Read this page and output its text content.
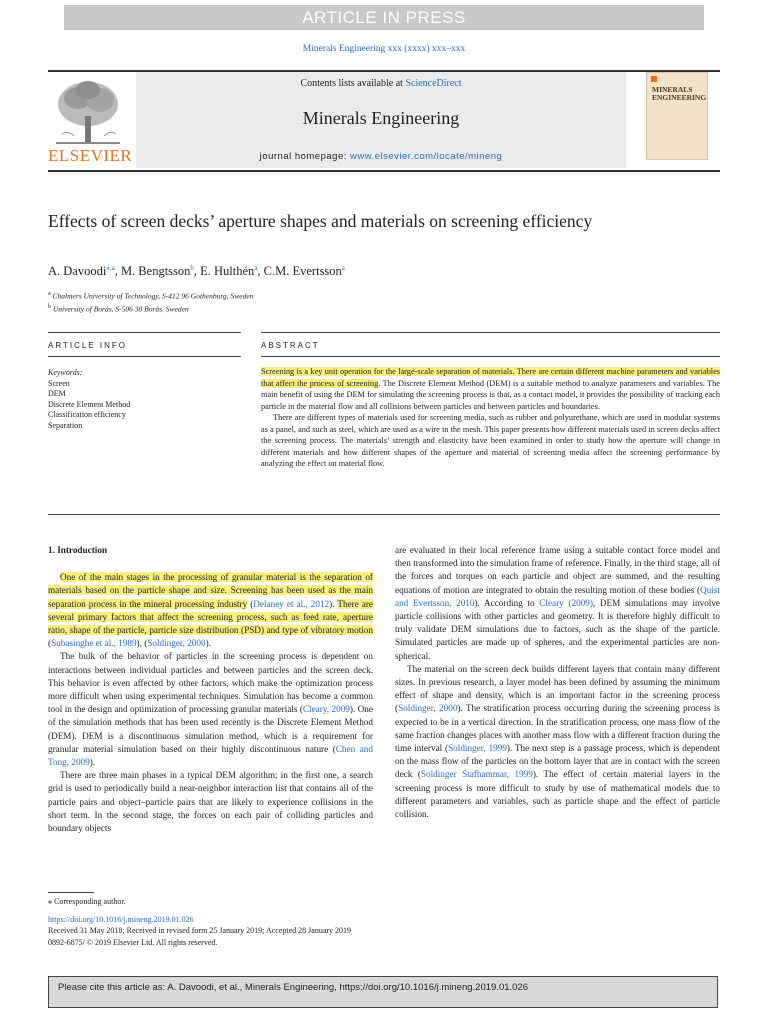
ARTICLE IN PRESS
Minerals Engineering xxx (xxxx) xxx–xxx
ELSEVIER
Contents lists available at ScienceDirect
Minerals Engineering
journal homepage: www.elsevier.com/locate/mineng
MINERALS ENGINEERING
Effects of screen decks’ aperture shapes and materials on screening efficiency
A. Davoodi$^{⁎,a}$, M. Bengtsson$^b$, E. Hulthén$^a$, C.M. Evertsson$^a$
$^a$ Chalmers University of Technology, S-412 96 Gothenburg, Sweden
$^b$ University of Borås, S-506 30 Borås, Sweden
ARTICLE INFO	ABSTRACT
Keywords:
Screen
DEM
Discrete Element Method
Classification efficiency
Separation

Screening is a key unit operation for the large-scale separation of materials. There are certain different machine parameters and variables that affect the process of screening. The Discrete Element Method (DEM) is a suitable method to analyze parameters and variables. The main benefit of using the DEM for simulating the screening process is that, as a contact model, it provides the possibility of tracking each particle in the material flow and all collisions between particles and between particles and boundaries.

There are different types of materials used for screening media, such as rubber and polyurethane, which are used in modular systems as a panel, and such as steel, which are used as a wire in the mesh. This paper presents how different materials used in screen decks affect the screening process. The materials’ strength and elasticity have been examined in order to study how the aperture will change in different materials and how different shapes of the aperture and material of screening media affect the screening performance by analyzing the effect on material flow.

1. Introduction

One of the main stages in the processing of granular material is the separation of materials based on the particle shape and size. Screening has been used as the main separation process in the mineral processing industry (Delaney et al., 2012). There are several primary factors that affect the screening process, such as feed rate, aperture ratio, shape of the particle, particle size distribution (PSD) and type of vibratory motion (Subasinghe et al., 1989), (Soldinger, 2000).

The bulk of the behavior of particles in the screening process is dependent on interactions between individual particles and between particles and the screen deck. This behavior is even affected by other factors, which make the optimization process more difficult when using experimental techniques. Simulation has become a common tool in the design and optimization of processing granular materials (Cleary, 2009). One of the simulation methods that has been used recently is the Discrete Element Method (DEM). DEM is a discontinuous simulation method, which is a requirement for granular material simulation based on their highly discontinuous nature (Chen and Tong, 2009).

There are three main phases in a typical DEM algorithm; in the first one, a search grid is used to periodically build a near-neighbor interaction list that contains all of the particle pairs and object–particle pairs that are likely to experience collisions in the short term. In the second stage, the forces on each pair of colliding particles and boundary objects

are evaluated in their local reference frame using a suitable contact force model and then transformed into the simulation frame of reference. Finally, in the third stage, all of the forces and torques on each particle and object are summed, and the resulting equations of motion are integrated to obtain the resulting motion of these bodies (Quist and Evertsson, 2010). According to Cleary (2009), DEM simulations may involve particle collisions with other particles and geometry. It is therefore highly difficult to truly validate DEM simulations due to factors, such as the shape of the particle. Simulated particles are made up of spheres, and the experimental particles are non-spherical.

The material on the screen deck builds different layers that contain many different sizes. In previous research, a layer model has been defined by assuming the minimum effect of shape and density, which is an important factor in the screening process (Soldinger, 2000). The stratification process occurring during the screening process is expected to be in a vertical direction. In the stratification process, one mass flow of the same fraction changes places with another mass flow with a different fraction during the time interval (Soldinger, 1999). The next step is a passage process, which is dependent on the mass flow of the particles on the bottom layer that are in contact with the screen deck (Soldinger Stafhammar, 1999). The effect of certain material layers in the screening process is more difficult to study by use of mathematical models due to different parameters and variables, such as particle shape and the effect of particle collision.

⁎ Corresponding author.
https://doi.org/10.1016/j.mineng.2019.01.026
Received 31 May 2018; Received in revised form 25 January 2019; Accepted 28 January 2019
0892-6875/ © 2019 Elsevier Ltd. All rights reserved.
Please cite this article as: A. Davoodi, et al., Minerals Engineering, https://doi.org/10.1016/j.mineng.2019.01.026
